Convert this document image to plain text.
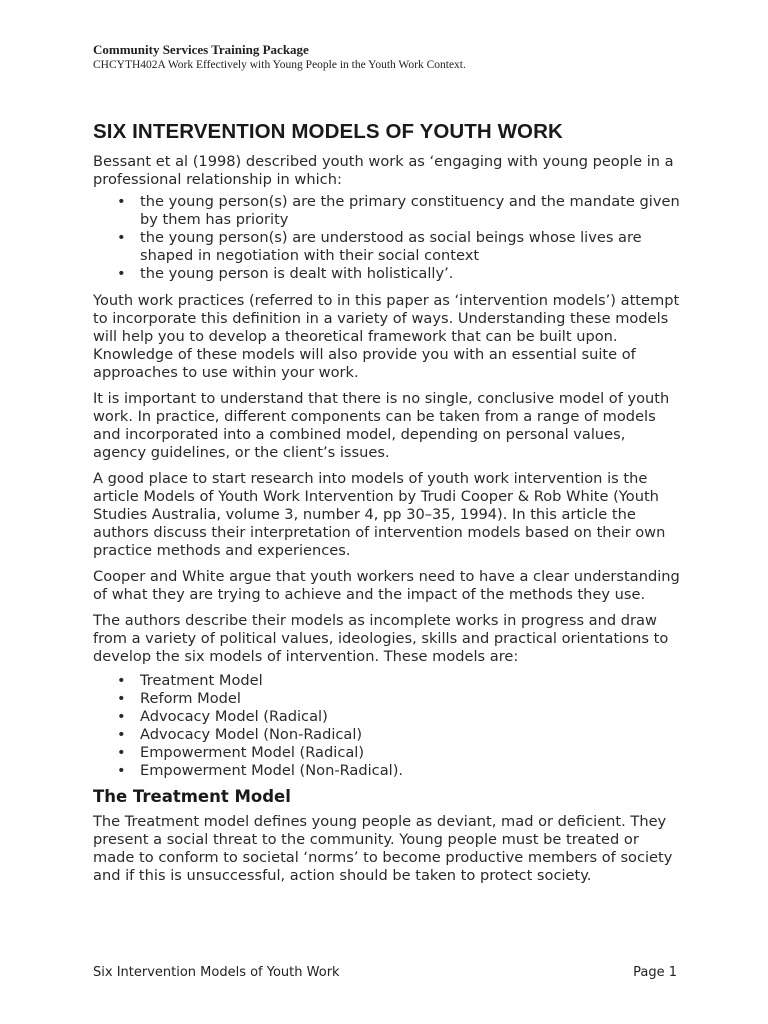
Community Services Training Package
CHCYTH402A Work Effectively with Young People in the Youth Work Context.
SIX INTERVENTION MODELS OF YOUTH WORK

Bessant et al (1998) described youth work as ‘engaging with young people in a professional relationship in which:

• the young person(s) are the primary constituency and the mandate given by them has priority
• the young person(s) are understood as social beings whose lives are shaped in negotiation with their social context
• the young person is dealt with holistically’.

Youth work practices (referred to in this paper as ‘intervention models’) attempt to incorporate this definition in a variety of ways. Understanding these models will help you to develop a theoretical framework that can be built upon. Knowledge of these models will also provide you with an essential suite of approaches to use within your work.

It is important to understand that there is no single, conclusive model of youth work. In practice, different components can be taken from a range of models and incorporated into a combined model, depending on personal values, agency guidelines, or the client’s issues.

A good place to start research into models of youth work intervention is the article Models of Youth Work Intervention by Trudi Cooper & Rob White (Youth Studies Australia, volume 3, number 4, pp 30–35, 1994). In this article the authors discuss their interpretation of intervention models based on their own practice methods and experiences.

Cooper and White argue that youth workers need to have a clear understanding of what they are trying to achieve and the impact of the methods they use.

The authors describe their models as incomplete works in progress and draw from a variety of political values, ideologies, skills and practical orientations to develop the six models of intervention. These models are:

• Treatment Model
• Reform Model
• Advocacy Model (Radical)
• Advocacy Model (Non-Radical)
• Empowerment Model (Radical)
• Empowerment Model (Non-Radical).
The Treatment Model

The Treatment model defines young people as deviant, mad or deficient. They present a social threat to the community. Young people must be treated or made to conform to societal ‘norms’ to become productive members of society and if this is unsuccessful, action should be taken to protect society.

Six Intervention Models of Youth Work	Page 1
